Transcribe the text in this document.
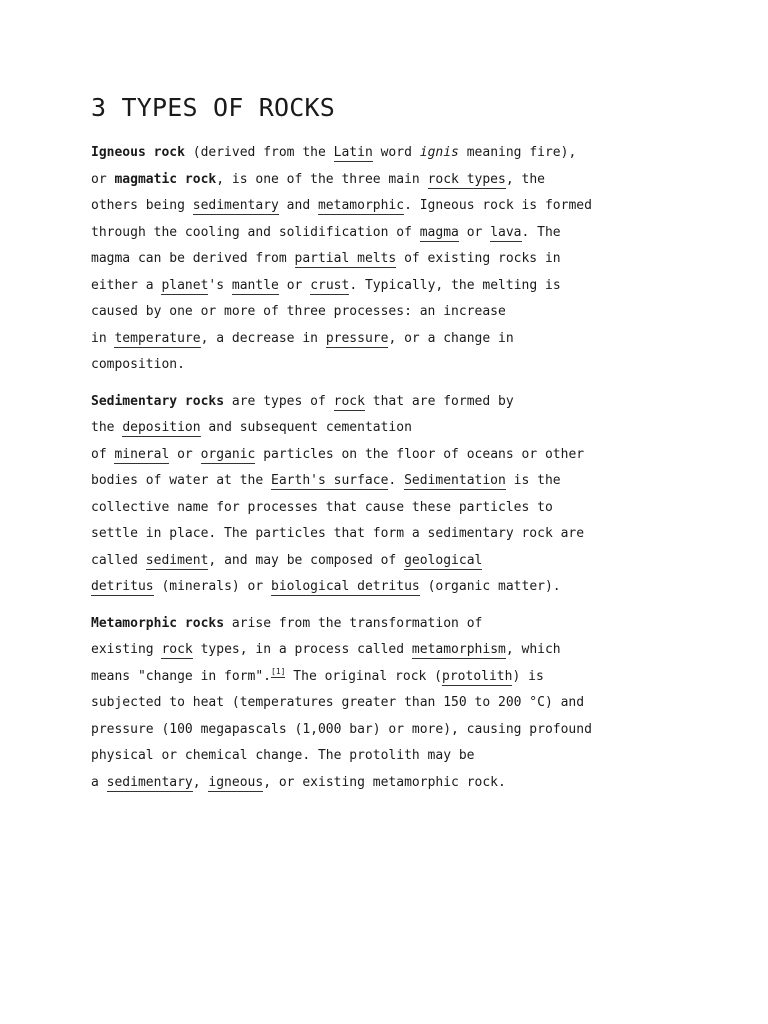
3 TYPES OF ROCKS
Igneous rock (derived from the Latin word ignis meaning fire),
or magmatic rock, is one of the three main rock types, the
others being sedimentary and metamorphic. Igneous rock is formed
through the cooling and solidification of magma or lava. The
magma can be derived from partial melts of existing rocks in
either a planet's mantle or crust. Typically, the melting is
caused by one or more of three processes: an increase
in temperature, a decrease in pressure, or a change in
composition.
Sedimentary rocks are types of rock that are formed by
the deposition and subsequent cementation
of mineral or organic particles on the floor of oceans or other
bodies of water at the Earth's surface. Sedimentation is the
collective name for processes that cause these particles to
settle in place. The particles that form a sedimentary rock are
called sediment, and may be composed of geological
detritus (minerals) or biological detritus (organic matter).
Metamorphic rocks arise from the transformation of
existing rock types, in a process called metamorphism, which
means "change in form".[1] The original rock (protolith) is
subjected to heat (temperatures greater than 150 to 200 °C) and
pressure (100 megapascals (1,000 bar) or more), causing profound
physical or chemical change. The protolith may be
a sedimentary, igneous, or existing metamorphic rock.
